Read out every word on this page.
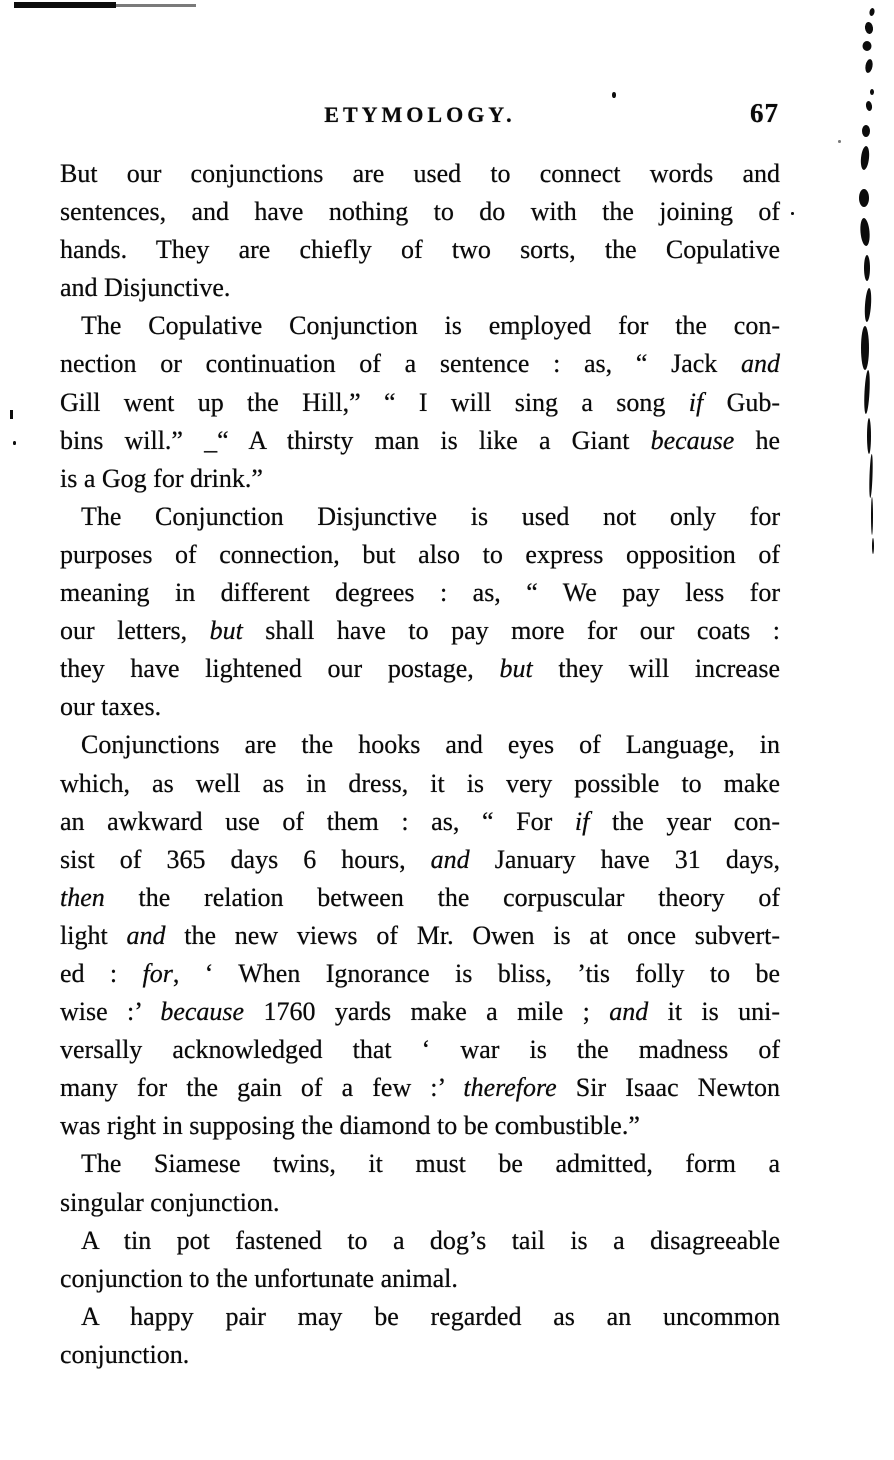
ETYMOLOGY.	67
But our conjunctions are used to connect words and
sentences, and have nothing to do with the joining of
hands. They are chiefly of two sorts, the Copulative
and Disjunctive.
The Copulative Conjunction is employed for the con-
nection or continuation of a sentence : as, “ Jack and
Gill went up the Hill,” “ I will sing a song if Gub-
bins will.” _“ A thirsty man is like a Giant because he
is a Gog for drink.”
The Conjunction Disjunctive is used not only for
purposes of connection, but also to express opposition of
meaning in different degrees : as, “ We pay less for
our letters, but shall have to pay more for our coats :
they have lightened our postage, but they will increase
our taxes.
Conjunctions are the hooks and eyes of Language, in
which, as well as in dress, it is very possible to make
an awkward use of them : as, “ For if the year con-
sist of 365 days 6 hours, and January have 31 days,
then the relation between the corpuscular theory of
light and the new views of Mr. Owen is at once subvert-
ed : for, ‘ When Ignorance is bliss, ’tis folly to be
wise :’ because 1760 yards make a mile ; and it is uni-
versally acknowledged that ‘ war is the madness of
many for the gain of a few :’ therefore Sir Isaac Newton
was right in supposing the diamond to be combustible.”
The Siamese twins, it must be admitted, form a
singular conjunction.
A tin pot fastened to a dog’s tail is a disagreeable
conjunction to the unfortunate animal.
A happy pair may be regarded as an uncommon
conjunction.
